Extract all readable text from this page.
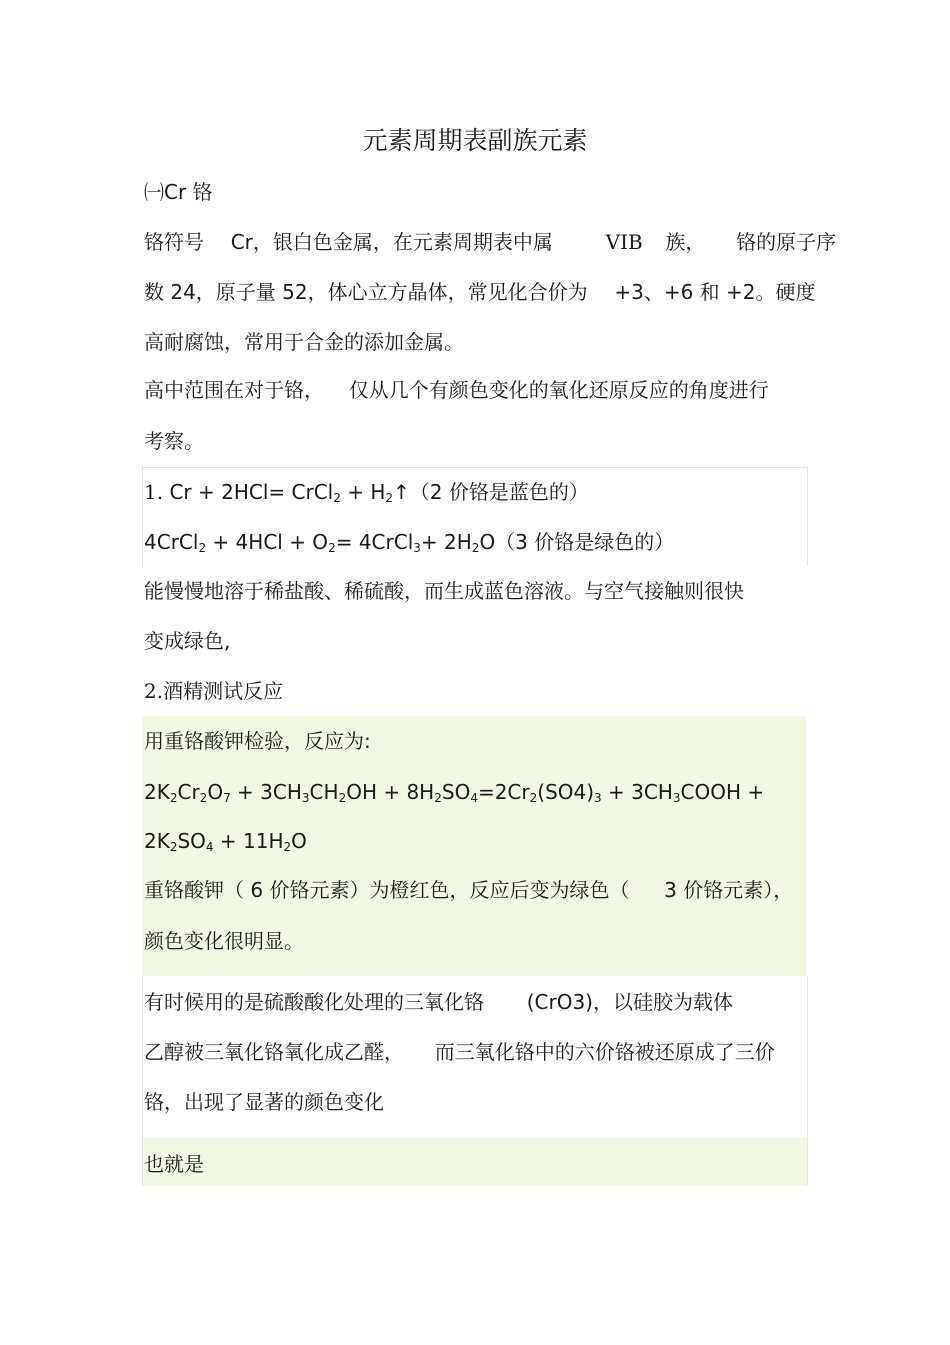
元素周期表副族元素
㈠Cr 铬
铬符号 Cr，银白色金属，在元素周期表中属	VIB 族， 铬的原子序
数 24，原子量 52，体心立方晶体，常见化合价为 +3、+6 和 +2。硬度
高耐腐蚀，常用于合金的添加金属。
高中范围在对于铬， 仅从几个有颜色变化的氧化还原反应的角度进行
考察。
1. Cr + 2HCl= CrCl$_2$ + $H_2↑(2$ 价铬是蓝色的）
4CrCl$_2$ + $4HCl + O_2=$ 4CrCl$_3$+ $2H_2O(3$ 价铬是绿色的）
能慢慢地溶于稀盐酸、稀硫酸，而生成蓝色溶液。与空气接触则很快
变成绿色,
2.酒精测试反应
用重铬酸钾检验，反应为:
$2K_2Cr_2O_7 + 3CH_3CH_2OH + 8H_2SO_4=2Cr_2(SO4)_3$ + $3CH_3COOH$ +
$2K_2SO_4 + 11H_2O$
重铬酸钾（ 6 价铬元素）为橙红色，反应后变为绿色（ 3 价铬元素），
颜色变化很明显。
有时候用的是硫酸酸化处理的三氧化铬 (CrO3)，以硅胶为载体
乙醇被三氧化铬氧化成乙醛， 而三氧化铬中的六价铬被还原成了三价
铬，出现了显著的颜色变化
也就是
